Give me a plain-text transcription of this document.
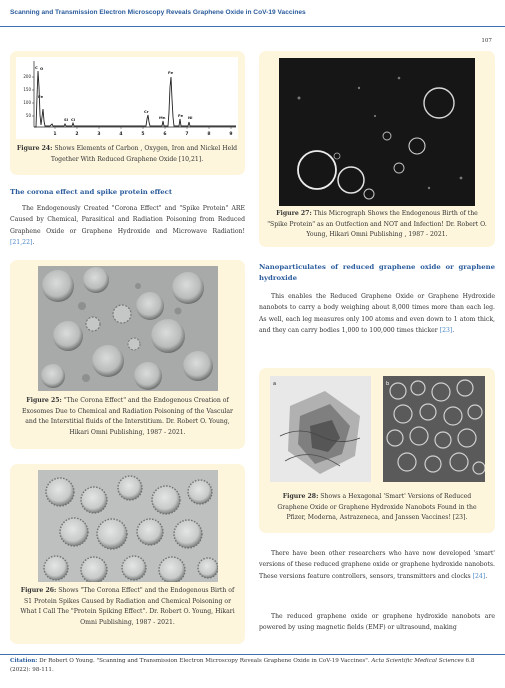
Scanning and Transmission Electron Microscopy Reveals Graphene Oxide in CoV-19 Vaccines
107
200
150
100
50
1	2	3	4	5	6	7	8	9
C O
Fe
Cr
Si Cl	Mn
Fe
Ni
Fe
Figure 24: Shows Elements of Carbon , Oxygen, Iron and Nickel Held Together With Reduced Graphene Oxide [10,21].
The corona effect and spike protein effect
The Endogenously Created "Corona Effect" and "Spike Protein" ARE Caused by Chemical, Parasitical and Radiation Poisoning from Reduced Graphene Oxide or Graphene Hydroxide and Microwave Radiation! [21,22].
Figure 25: "The Corona Effect" and the Endogenous Creation of Exosomes Due to Chemical and Radiation Poisoning of the Vascular and the Interstitial fluids of the Interstitium. Dr. Robert O. Young, Hikari Omni Publishing, 1987 - 2021.
Figure 26: Shows "The Corona Effect" and the Endogenous Birth of S1 Protein Spikes Caused by Radiation and Chemical Poisoning or What I Call The "Protein Spiking Effect". Dr. Robert O. Young, Hikari Omni Publishing, 1987 - 2021.
Figure 27: This Micrograph Shows the Endogenous Birth of the "Spike Protein" as an Outfection and NOT and Infection! Dr. Robert O. Young, Hikari Omni Publishing , 1987 - 2021.
Nanoparticulates of reduced graphene oxide or graphene hydroxide
This enables the Reduced Graphene Oxide or Graphene Hydroxide nanobots to carry a body weighing about 8,000 times more than each leg. As well, each leg measures only 100 atoms and even down to 1 atom thick, and they can carry bodies 1,000 to 100,000 times thicker [23].
a	b
Figure 28: Shows a Hexagonal 'Smart' Versions of Reduced Graphene Oxide or Graphene Hydroxide Nanobots Found in the Pfizer, Moderna, Astrazeneca, and Janssen Vaccines! [23].
There have been other researchers who have now developed 'smart' versions of these reduced graphene oxide or graphene hydroxide nanobots. These versions feature controllers, sensors, transmitters and clocks [24].
The reduced graphene oxide or graphene hydroxide nanobots are powered by using magnetic fields (EMF) or ultrasound, making
Citation: Dr Robert O Young. "Scanning and Transmission Electron Microscopy Reveals Graphene Oxide in CoV-19 Vaccines". Acta Scientific Medical Sciences 6.8 (2022): 98-111.
